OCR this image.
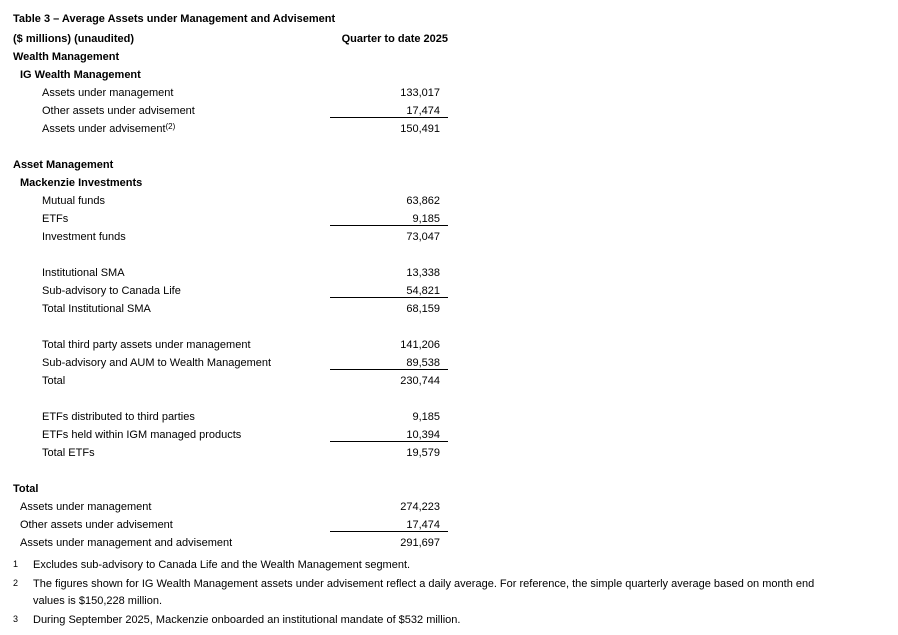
Table 3 – Average Assets under Management and Advisement
($ millions) (unaudited)	Quarter to date 2025
Wealth Management
IG Wealth Management
Assets under management	133,017
Other assets under advisement	17,474
Assets under advisement$^{(2)}$	150,491
Asset Management
Mackenzie Investments
Mutual funds	63,862
ETFs	9,185
Investment funds	73,047
Institutional SMA	13,338
Sub-advisory to Canada Life	54,821
Total Institutional SMA	68,159
Total third party assets under management	141,206
Sub-advisory and AUM to Wealth Management	89,538
Total	230,744
ETFs distributed to third parties	9,185
ETFs held within IGM managed products	10,394
Total ETFs	19,579
Total
Assets under management	274,223
Other assets under advisement	17,474
Assets under management and advisement	291,697
1	Excludes sub-advisory to Canada Life and the Wealth Management segment.
2	The figures shown for IG Wealth Management assets under advisement reflect a daily average. For reference, the simple quarterly average based on month end values is $150,228 million.
3	During September 2025, Mackenzie onboarded an institutional mandate of $532 million.
